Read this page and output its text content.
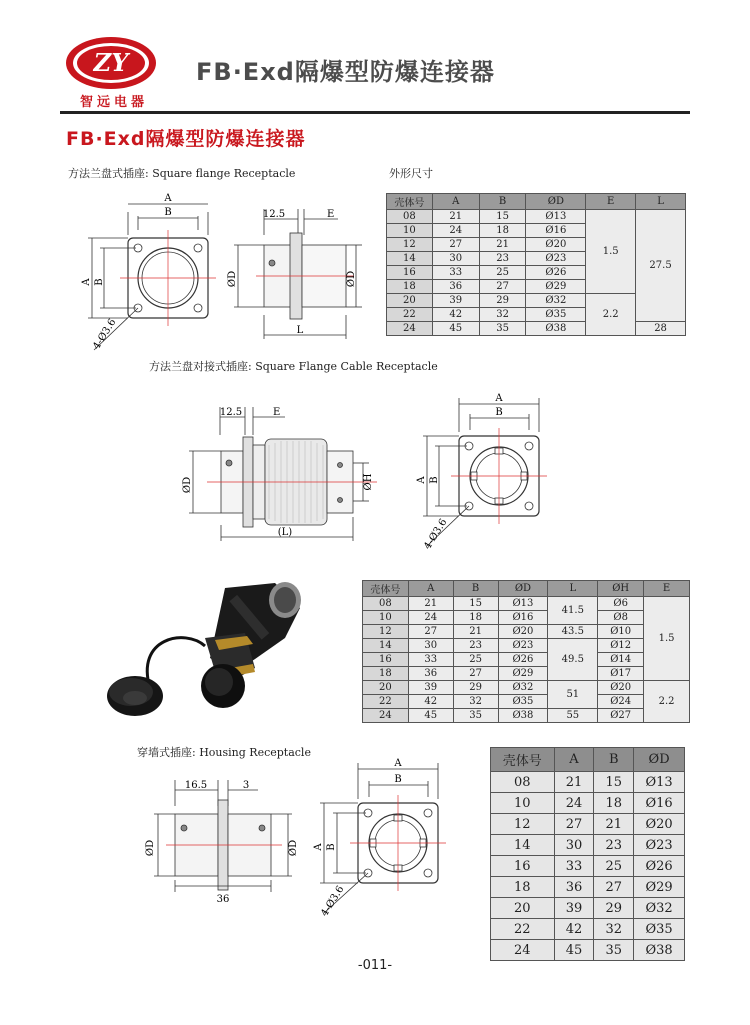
ZY
智远电器
FB·Exd隔爆型防爆连接器
FB·Exd隔爆型防爆连接器
方法兰盘式插座: Square flange Receptacle	外形尺寸
A
B
A B
4-Ø3.6
12.5	E
ØD	ØD
L
壳体号	A	B	ØD	E	L
08	21	15	Ø13	1.5	27.5
10	24	18	Ø16		
12	27	21	Ø20		
14	30	23	Ø23		
16	33	25	Ø26		
18	36	27	Ø29		
20	39	29	Ø32	2.2	
22	42	32	Ø35		
24	45	35	Ø38		28
方法兰盘对接式插座: Square Flange Cable Receptacle
12.5	E
ØD	ØH
(L)
A
B
A B
4-Ø3.6
壳体号	A	B	ØD	L	ØH	E
08	21	15	Ø13	41.5	Ø6	1.5
10	24	18	Ø16		Ø8	
12	27	21	Ø20	43.5	Ø10	
14	30	23	Ø23	49.5	Ø12	
16	33	25	Ø26		Ø14	
18	36	27	Ø29		Ø17	
20	39	29	Ø32	51	Ø20	2.2
22	42	32	Ø35		Ø24	
24	45	35	Ø38	55	Ø27	
穿墙式插座: Housing Receptacle
16.5	3
ØD	ØD
36
A
B
A B
4-Ø3.6
壳体号	A	B	ØD
08	21	15	Ø13
10	24	18	Ø16
12	27	21	Ø20
14	30	23	Ø23
16	33	25	Ø26
18	36	27	Ø29
20	39	29	Ø32
22	42	32	Ø35
24	45	35	Ø38
-011-
